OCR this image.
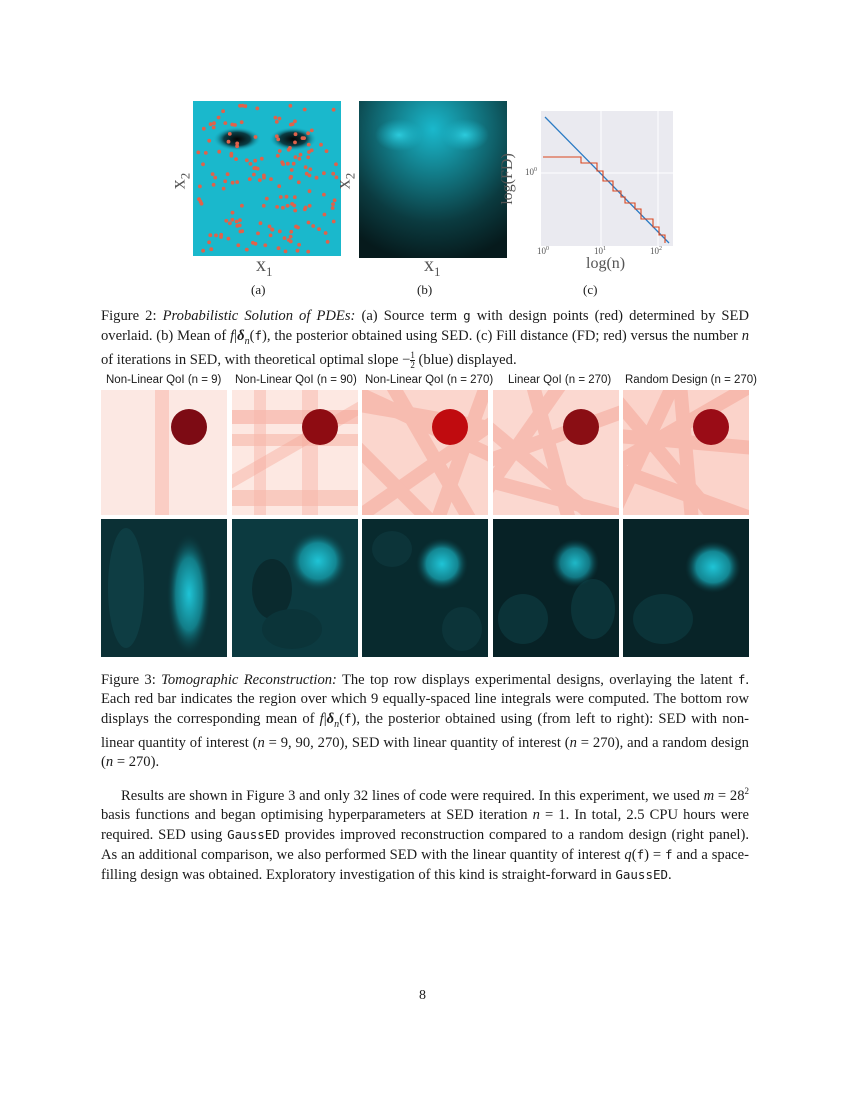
$x_2$
$x_1$
(a)
$x_2$
$x_1$
(b)
$10^0$
$10^0$	$10^1$	$10^2$
log(FD)
log(n)
(c)
Figure 2: Probabilistic Solution of PDEs: (a) Source term g with design points (red) determined by SED overlaid. (b) Mean of $f|\delta_n(f)$, the posterior obtained using SED. (c) Fill distance (FD; red) versus the number n of iterations in SED, with theoretical optimal slope − $\frac{1}{2}$ (blue) displayed.
Non-Linear QoI (n = 9) Non-Linear QoI (n = 90) Non-Linear QoI (n = 270) Linear QoI (n = 270) Random Design (n = 270)
Figure 3: Tomographic Reconstruction: The top row displays experimental designs, overlaying the latent f. Each red bar indicates the region over which 9 equally-spaced line integrals were computed. The bottom row displays the corresponding mean of $f|\delta_n(f)$, the posterior obtained using (from left to right): SED with non-linear quantity of interest (n = 9, 90, 270), SED with linear quantity of interest (n = 270), and a random design (n = 270).
Results are shown in Figure 3 and only 32 lines of code were required. In this experiment, we used $m = 28^2$ basis functions and began optimising hyperparameters at SED iteration n = 1. In total, 2.5 CPU hours were required. SED using GaussED provides improved reconstruction compared to a random design (right panel). As an additional comparison, we also performed SED with the linear quantity of interest q(f) = f and a space-filling design was obtained. Exploratory investigation of this kind is straight-forward in GaussED.
8
